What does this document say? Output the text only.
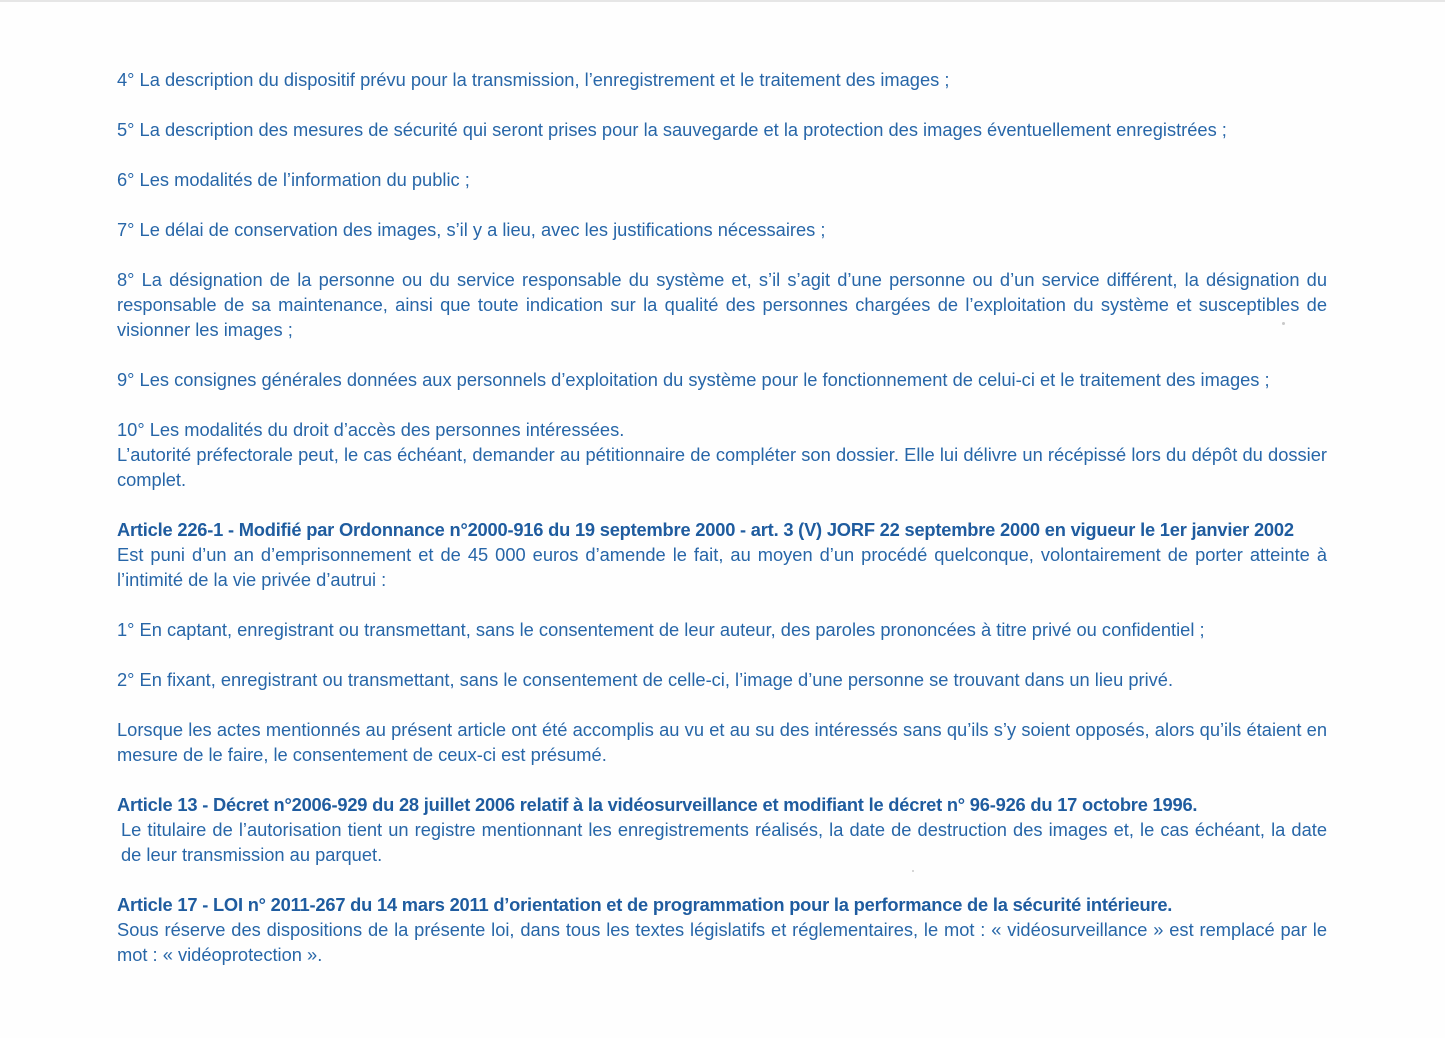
4° La description du dispositif prévu pour la transmission, l’enregistrement et le traitement des images ;

5° La description des mesures de sécurité qui seront prises pour la sauvegarde et la protection des images éventuellement enregistrées ;

6° Les modalités de l’information du public ;

7° Le délai de conservation des images, s’il y a lieu, avec les justifications nécessaires ;

8° La désignation de la personne ou du service responsable du système et, s’il s’agit d’une personne ou d’un service différent, la désignation du responsable de sa maintenance, ainsi que toute indication sur la qualité des personnes chargées de l’exploitation du système et susceptibles de visionner les images ;

9° Les consignes générales données aux personnels d’exploitation du système pour le fonctionnement de celui-ci et le traitement des images ;

10° Les modalités du droit d’accès des personnes intéressées.
L’autorité préfectorale peut, le cas échéant, demander au pétitionnaire de compléter son dossier. Elle lui délivre un récépissé lors du dépôt du dossier complet.
Article 226-1 - Modifié par Ordonnance n°2000-916 du 19 septembre 2000 - art. 3 (V) JORF 22 septembre 2000 en vigueur le 1er janvier 2002
Est puni d’un an d’emprisonnement et de 45 000 euros d’amende le fait, au moyen d’un procédé quelconque, volontairement de porter atteinte à l’intimité de la vie privée d’autrui :

1° En captant, enregistrant ou transmettant, sans le consentement de leur auteur, des paroles prononcées à titre privé ou confidentiel ;

2° En fixant, enregistrant ou transmettant, sans le consentement de celle-ci, l’image d’une personne se trouvant dans un lieu privé.

Lorsque les actes mentionnés au présent article ont été accomplis au vu et au su des intéressés sans qu’ils s’y soient opposés, alors qu’ils étaient en mesure de le faire, le consentement de ceux-ci est présumé.

Article 13 - Décret n°2006-929 du 28 juillet 2006 relatif à la vidéosurveillance et modifiant le décret n° 96-926 du 17 octobre 1996.
Le titulaire de l’autorisation tient un registre mentionnant les enregistrements réalisés, la date de destruction des images et, le cas échéant, la date de leur transmission au parquet.
Article 17 - LOI n° 2011-267 du 14 mars 2011 d’orientation et de programmation pour la performance de la sécurité intérieure.
Sous réserve des dispositions de la présente loi, dans tous les textes législatifs et réglementaires, le mot : « vidéosurveillance » est remplacé par le mot : « vidéoprotection ».
